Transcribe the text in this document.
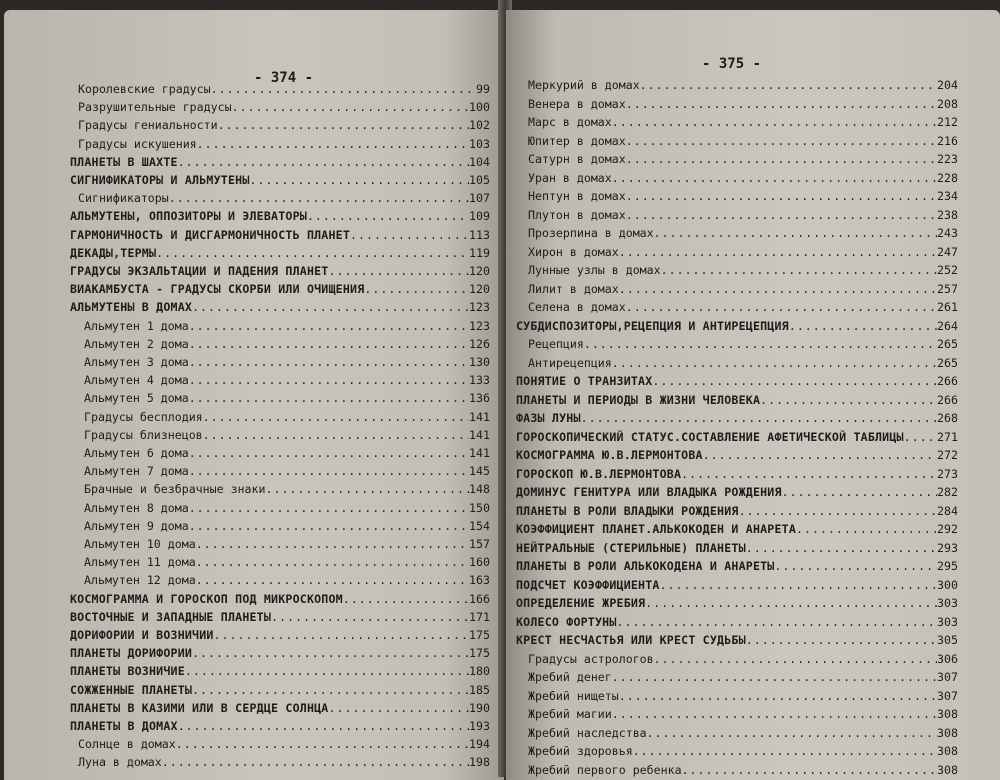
- 374 -
Королевские градусы .....	99
Разрушительные градусы .....	100
Градусы гениальности .....	102
Градусы искушения .....	103
ПЛАНЕТЫ В ШАХТЕ .....	104
СИГНИФИКАТОРЫ И АЛЬМУТЕНЫ .....	105
Сигнификаторы .....	107
АЛЬМУТЕНЫ, ОППОЗИТОРЫ И ЭЛЕВАТОРЫ .....	109
ГАРМОНИЧНОСТЬ И ДИСГАРМОНИЧНОСТЬ ПЛАНЕТ .....	113
ДЕКАДЫ,ТЕРМЫ .....	119
ГРАДУСЫ ЭКЗАЛЬТАЦИИ И ПАДЕНИЯ ПЛАНЕТ .....	120
ВИАКАМБУСТА - ГРАДУСЫ СКОРБИ ИЛИ ОЧИЩЕНИЯ .....	120
АЛЬМУТЕНЫ В ДОМАХ .....	123
Альмутен 1 дома .....	123
Альмутен 2 дома .....	126
Альмутен 3 дома .....	130
Альмутен 4 дома .....	133
Альмутен 5 дома .....	136
Градусы бесплодия .....	141
Градусы близнецов .....	141
Альмутен 6 дома .....	141
Альмутен 7 дома .....	145
Брачные и безбрачные знаки .....	148
Альмутен 8 дома .....	150
Альмутен 9 дома .....	154
Альмутен 10 дома .....	157
Альмутен 11 дома .....	160
Альмутен 12 дома .....	163
КОСМОГРАММА И ГОРОСКОП ПОД МИКРОСКОПОМ .....	166
ВОСТОЧНЫЕ И ЗАПАДНЫЕ ПЛАНЕТЫ .....	171
ДОРИФОРИИ И ВОЗНИЧИИ .....	175
ПЛАНЕТЫ ДОРИФОРИИ .....	175
ПЛАНЕТЫ ВОЗНИЧИЕ .....	180
СОЖЖЕННЫЕ ПЛАНЕТЫ .....	185
ПЛАНЕТЫ В КАЗИМИ ИЛИ В СЕРДЦЕ СОЛНЦА .....	190
ПЛАНЕТЫ В ДОМАХ .....	193
Солнце в домах .....	194
Луна в домах .....	198
- 375 -
Меркурий в домах .....	204
Венера в домах .....	208
Марс в домах .....	212
Юпитер в домах .....	216
Сатурн в домах .....	223
Уран в домах .....	228
Нептун в домах .....	234
Плутон в домах .....	238
Прозерпина в домах .....	243
Хирон в домах .....	247
Лунные узлы в домах .....	252
Лилит в домах .....	257
Селена в домах .....	261
СУБДИСПОЗИТОРЫ,РЕЦЕПЦИЯ И АНТИРЕЦЕПЦИЯ .....	264
Рецепция .....	265
Антирецепция .....	265
ПОНЯТИЕ О ТРАНЗИТАХ .....	266
ПЛАНЕТЫ И ПЕРИОДЫ В ЖИЗНИ ЧЕЛОВЕКА .....	266
ФАЗЫ ЛУНЫ .....	268
ГОРОСКОПИЧЕСКИЙ СТАТУС.СОСТАВЛЕНИЕ АФЕТИЧЕСКОЙ ТАБЛИЦЫ .....	271
КОСМОГРАММА Ю.В.ЛЕРМОНТОВА .....	272
ГОРОСКОП Ю.В.ЛЕРМОНТОВА .....	273
ДОМИНУС ГЕНИТУРА ИЛИ ВЛАДЫКА РОЖДЕНИЯ .....	282
ПЛАНЕТЫ В РОЛИ ВЛАДЫКИ РОЖДЕНИЯ .....	284
КОЭФФИЦИЕНТ ПЛАНЕТ.АЛЬКОКОДЕН И АНАРЕТА .....	292
НЕЙТРАЛЬНЫЕ (СТЕРИЛЬНЫЕ) ПЛАНЕТЫ .....	293
ПЛАНЕТЫ В РОЛИ АЛЬКОКОДЕНА И АНАРЕТЫ .....	295
ПОДСЧЕТ КОЭФФИЦИЕНТА .....	300
ОПРЕДЕЛЕНИЕ ЖРЕБИЯ .....	303
КОЛЕСО ФОРТУНЫ .....	303
КРЕСТ НЕСЧАСТЬЯ ИЛИ КРЕСТ СУДЬБЫ .....	305
Градусы астрологов .....	306
Жребий денег .....	307
Жребий нищеты .....	307
Жребий магии .....	308
Жребий наследства .....	308
Жребий здоровья .....	308
Жребий первого ребенка .....	308
